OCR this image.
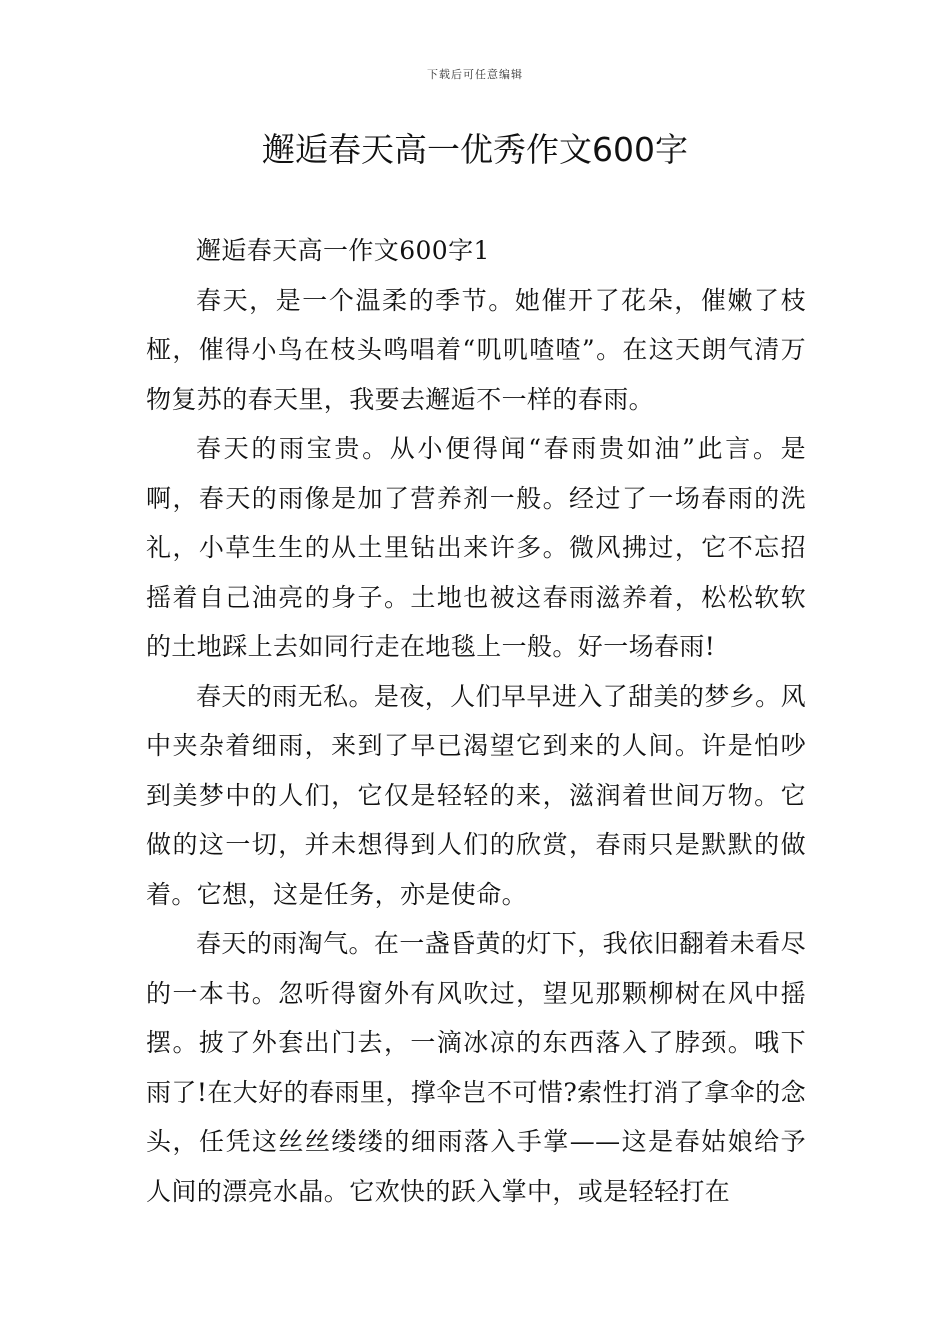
下载后可任意编辑
邂逅春天高一优秀作文600字

邂逅春天高一作文600字1

春天，是一个温柔的季节。她催开了花朵，催嫩了枝桠，催得小鸟在枝头鸣唱着“叽叽喳喳”。在这天朗气清万物复苏的春天里，我要去邂逅不一样的春雨。

春天的雨宝贵。从小便得闻“春雨贵如油”此言。是啊，春天的雨像是加了营养剂一般。经过了一场春雨的洗礼，小草生生的从土里钻出来许多。微风拂过，它不忘招摇着自己油亮的身子。土地也被这春雨滋养着，松松软软的土地踩上去如同行走在地毯上一般。好一场春雨!

春天的雨无私。是夜，人们早早进入了甜美的梦乡。风中夹杂着细雨，来到了早已渴望它到来的人间。许是怕吵到美梦中的人们，它仅是轻轻的来，滋润着世间万物。它做的这一切，并未想得到人们的欣赏，春雨只是默默的做着。它想，这是任务，亦是使命。

春天的雨淘气。在一盏昏黄的灯下，我依旧翻着未看尽的一本书。忽听得窗外有风吹过，望见那颗柳树在风中摇摆。披了外套出门去，一滴冰凉的东西落入了脖颈。哦下雨了!在大好的春雨里，撑伞岂不可惜?索性打消了拿伞的念头，任凭这丝丝缕缕的细雨落入手掌——这是春姑娘给予人间的漂亮水晶。它欢快的跃入掌中，或是轻轻打在
